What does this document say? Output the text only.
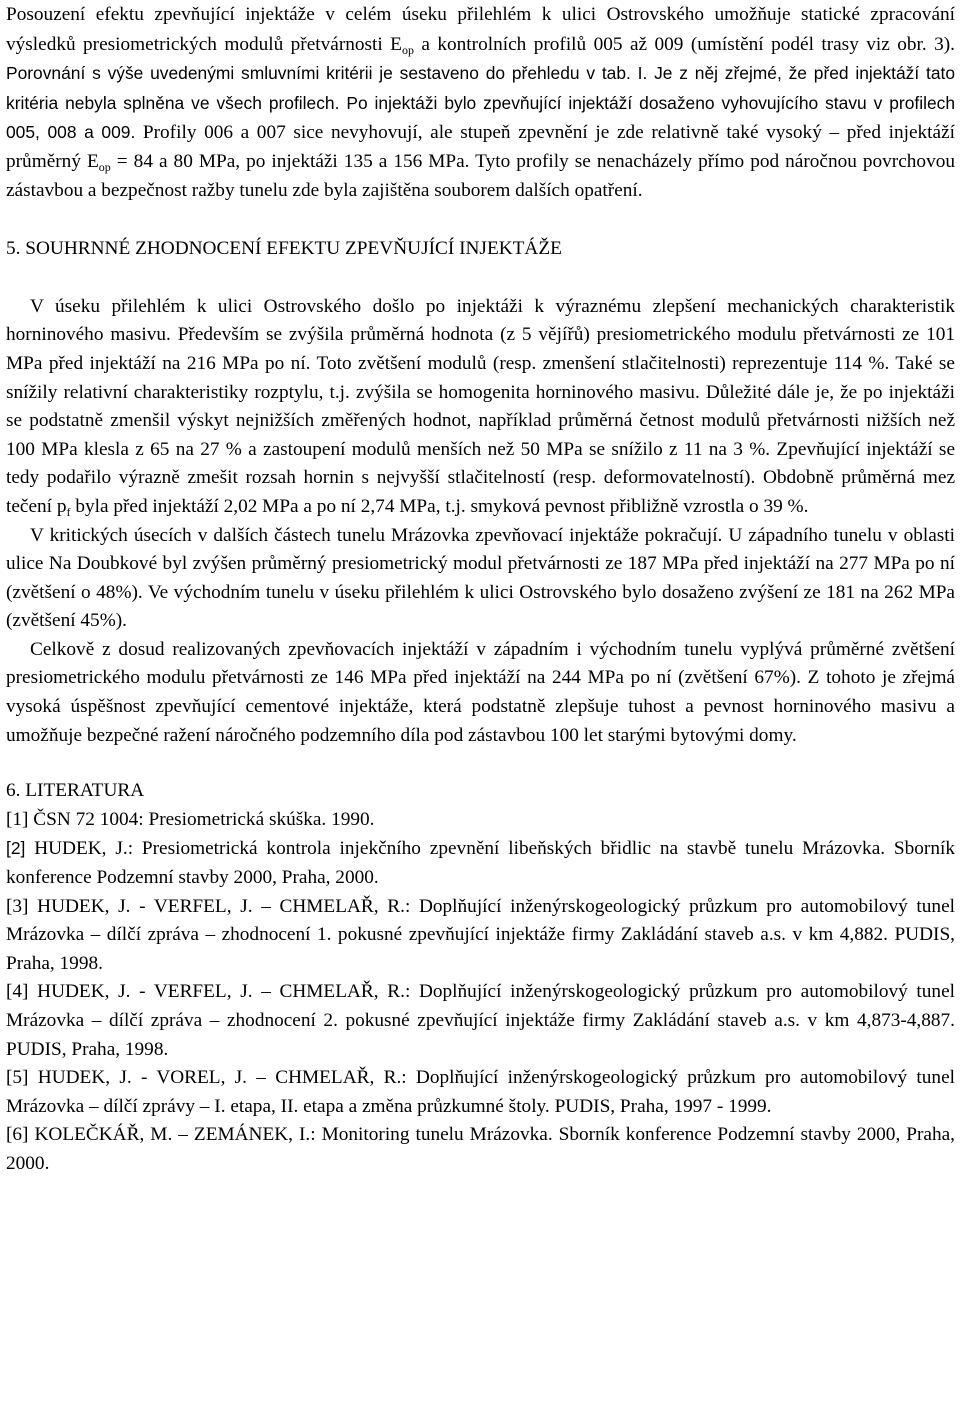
Posouzení efektu zpevňující injektáže v celém úseku přilehlém k ulici Ostrovského umožňuje statické zpracování výsledků presiometrických modulů přetvárnosti $E_{op}$ a kontrolních profilů 005 až 009 (umístění podél trasy viz obr. 3). Porovnání s výše uvedenými smluvními kritérii je sestaveno do přehledu v tab. I. Je z něj zřejmé, že před injektáží tato kritéria nebyla splněna ve všech profilech. Po injektáži bylo zpevňující injektáží dosaženo vyhovujícího stavu v profilech 005, 008 a 009. Profily 006 a 007 sice nevyhovují, ale stupeň zpevnění je zde relativně také vysoký – před injektáží průměrný $E_{op} = 84$ a 80 MPa, po injektáži 135 a 156 MPa. Tyto profily se nenacházely přímo pod náročnou povrchovou zástavbou a bezpečnost ražby tunelu zde byla zajištěna souborem dalších opatření.

5. SOUHRNNÉ ZHODNOCENÍ EFEKTU ZPEVŇUJÍCÍ INJEKTÁŽE

V úseku přilehlém k ulici Ostrovského došlo po injektáži k výraznému zlepšení mechanických charakteristik horninového masivu. Především se zvýšila průměrná hodnota (z 5 vějířů) presiometrického modulu přetvárnosti ze 101 MPa před injektáží na 216 MPa po ní. Toto zvětšení modulů (resp. zmenšení stlačitelnosti) reprezentuje 114 %. Také se snížily relativní charakteristiky rozptylu, t.j. zvýšila se homogenita horninového masivu. Důležité dále je, že po injektáži se podstatně zmenšil výskyt nejnižších změřených hodnot, například průměrná četnost modulů přetvárnosti nižších než 100 MPa klesla z 65 na 27 % a zastoupení modulů menších než 50 MPa se snížilo z 11 na 3 %. Zpevňující injektáží se tedy podařilo výrazně zmešit rozsah hornin s nejvyšší stlačitelností (resp. deformovatelností). Obdobně průměrná mez tečení $p_f$ byla před injektáží 2,02 MPa a po ní 2,74 MPa, t.j. smyková pevnost přibližně vzrostla o 39 %.

V kritických úsecích v dalších částech tunelu Mrázovka zpevňovací injektáže pokračují. U západního tunelu v oblasti ulice Na Doubkové byl zvýšen průměrný presiometrický modul přetvárnosti ze 187 MPa před injektáží na 277 MPa po ní (zvětšení o 48%). Ve východním tunelu v úseku přilehlém k ulici Ostrovského bylo dosaženo zvýšení ze 181 na 262 MPa (zvětšení 45%).

Celkově z dosud realizovaných zpevňovacích injektáží v západním i východním tunelu vyplývá průměrné zvětšení presiometrického modulu přetvárnosti ze 146 MPa před injektáží na 244 MPa po ní (zvětšení 67%). Z tohoto je zřejmá vysoká úspěšnost zpevňující cementové injektáže, která podstatně zlepšuje tuhost a pevnost horninového masivu a umožňuje bezpečné ražení náročného podzemního díla pod zástavbou 100 let starými bytovými domy.

6. LITERATURA

[1] ČSN 72 1004: Presiometrická skúška. 1990.

[2] HUDEK, J.: Presiometrická kontrola injekčního zpevnění libeňských břidlic na stavbě tunelu Mrázovka. Sborník konference Podzemní stavby 2000, Praha, 2000.

[3] HUDEK, J. - VERFEL, J. – CHMELAŘ, R.: Doplňující inženýrskogeologický průzkum pro automobilový tunel Mrázovka – dílčí zpráva – zhodnocení 1. pokusné zpevňující injektáže firmy Zakládání staveb a.s. v km 4,882. PUDIS, Praha, 1998.

[4] HUDEK, J. - VERFEL, J. – CHMELAŘ, R.: Doplňující inženýrskogeologický průzkum pro automobilový tunel Mrázovka – dílčí zpráva – zhodnocení 2. pokusné zpevňující injektáže firmy Zakládání staveb a.s. v km 4,873-4,887. PUDIS, Praha, 1998.

[5] HUDEK, J. - VOREL, J. – CHMELAŘ, R.: Doplňující inženýrskogeologický průzkum pro automobilový tunel Mrázovka – dílčí zprávy – I. etapa, II. etapa a změna průzkumné štoly. PUDIS, Praha, 1997 - 1999.

[6] KOLEČKÁŘ, M. – ZEMÁNEK, I.: Monitoring tunelu Mrázovka. Sborník konference Podzemní stavby 2000, Praha, 2000.
